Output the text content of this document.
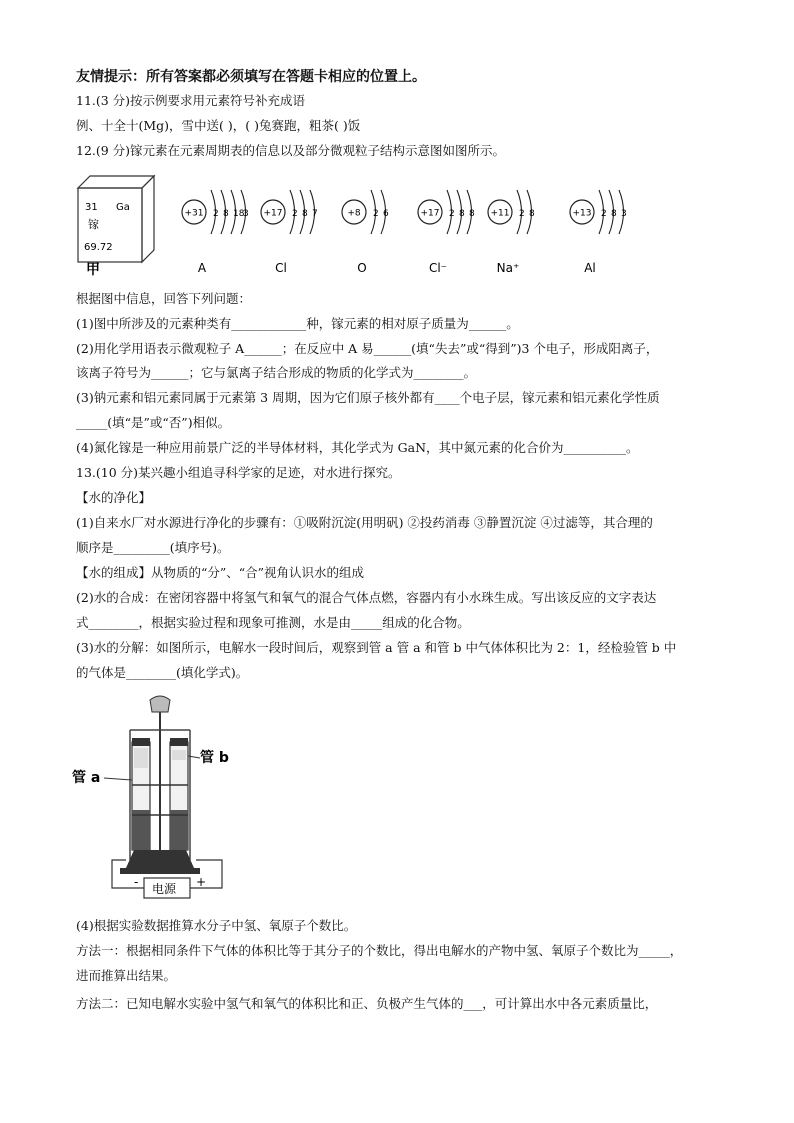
友情提示：所有答案都必须填写在答题卡相应的位置上。
11.(3 分)按示例要求用元素符号补充成语
例、十全十(Mg)，雪中送( )，( )兔赛跑，粗茶( )饭
12.(9 分)镓元素在元素周期表的信息以及部分微观粒子结构示意图如图所示。
31 Ga
镓
69.72
甲
+31 2 8 18
3
A
+17 2 8 7
Cl
+8 2 6
O
+17 2 8 8
Cl⁻
+11 2 8
Na⁺
+13 2 8 3
Al
根据图中信息，回答下列问题：
(1)图中所涉及的元素种类有____________种，镓元素的相对原子质量为______。
(2)用化学用语表示微观粒子 A______；在反应中 A 易______(填“失去”或“得到”)3 个电子，形成阳离子，
该离子符号为______；它与氯离子结合形成的物质的化学式为________。
(3)钠元素和铝元素同属于元素第 3 周期，因为它们原子核外都有____个电子层，镓元素和铝元素化学性质
_____(填“是”或“否”)相似。
(4)氮化镓是一种应用前景广泛的半导体材料，其化学式为 GaN，其中氮元素的化合价为__________。
13.(10 分)某兴趣小组追寻科学家的足迹，对水进行探究。
【水的净化】
(1)自来水厂对水源进行净化的步骤有：①吸附沉淀(用明矾) ②投药消毒 ③静置沉淀 ④过滤等，其合理的
顺序是_________(填序号)。
【水的组成】从物质的“分”、“合”视角认识水的组成
(2)水的合成：在密闭容器中将氢气和氧气的混合气体点燃，容器内有小水珠生成。写出该反应的文字表达
式________，根据实验过程和现象可推测，水是由_____组成的化合物。
(3)水的分解：如图所示，电解水一段时间后，观察到管 a 管 a 和管 b 中气体体积比为 2：1，经检验管 b 中
的气体是________(填化学式)。
电源
-	+
管 a
管 b
(4)根据实验数据推算水分子中氢、氧原子个数比。
方法一：根据相同条件下气体的体积比等于其分子的个数比，得出电解水的产物中氢、氧原子个数比为_____，
进而推算出结果。
方法二：已知电解水实验中氢气和氧气的体积比和正、负极产生气体的___，可计算出水中各元素质量比，
